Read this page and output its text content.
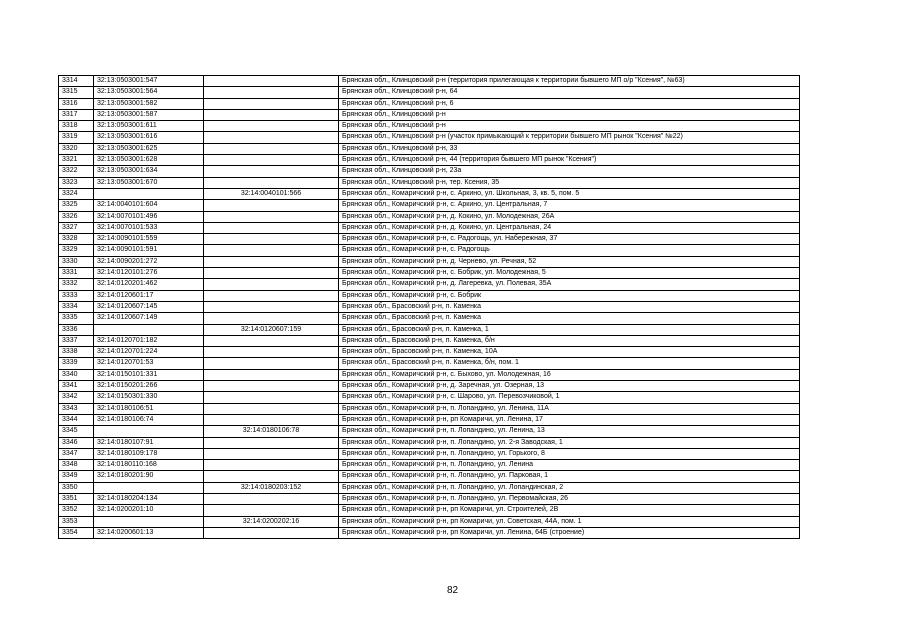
3314	32:13:0503001:547		Брянская обл., Клинцовский р-н (территория прилегающая к территории бывшего МП о/р "Ксения", №63)
3315	32:13:0503001:564		Брянская обл., Клинцовский р-н, 64
3316	32:13:0503001:582		Брянская обл., Клинцовский р-н, 6
3317	32:13:0503001:587		Брянская обл., Клинцовский р-н
3318	32:13:0503001:611		Брянская обл., Клинцовский р-н
3319	32:13:0503001:616		Брянская обл., Клинцовский р-н (участок примыкающий к территории бывшего МП рынок "Ксения" №22)
3320	32:13:0503001:625		Брянская обл., Клинцовский р-н, 33
3321	32:13:0503001:628		Брянская обл., Клинцовский р-н, 44 (территория бывшего МП рынок "Ксения")
3322	32:13:0503001:634		Брянская обл., Клинцовский р-н, 23а
3323	32:13:0503001:670		Брянская обл., Клинцовский р-н, тер. Ксения, 35
3324		32:14:0040101:566	Брянская обл., Комаричский р-н, с. Аркино, ул. Школьная, 3, кв. 5, пом. 5
3325	32:14:0040101:604		Брянская обл., Комаричский р-н, с. Аркино, ул. Центральная, 7
3326	32:14:0070101:496		Брянская обл., Комаричский р-н, д. Кокино, ул. Молодежная, 26А
3327	32:14:0070101:533		Брянская обл., Комаричский р-н, д. Кокино, ул. Центральная, 24
3328	32:14:0090101:559		Брянская обл., Комаричский р-н, с. Радогощь, ул. Набережная, 37
3329	32:14:0090101:591		Брянская обл., Комаричский р-н, с. Радогощь
3330	32:14:0090201:272		Брянская обл., Комаричский р-н, д. Чернево, ул. Речная, 52
3331	32:14:0120101:276		Брянская обл., Комаричский р-н, с. Бобрик, ул. Молодежная, 5
3332	32:14:0120201:462		Брянская обл., Комаричский р-н, д. Лагеревка, ул. Полевая, 35А
3333	32:14:0120601:17		Брянская обл., Комаричский р-н, с. Бобрик
3334	32:14:0120607:145		Брянская обл., Брасовский р-н, п. Каменка
3335	32:14:0120607:149		Брянская обл., Брасовский р-н, п. Каменка
3336		32:14:0120607:159	Брянская обл., Брасовский р-н, п. Каменка, 1
3337	32:14:0120701:182		Брянская обл., Брасовский р-н, п. Каменка, б/н
3338	32:14:0120701:224		Брянская обл., Брасовский р-н, п. Каменка, 10А
3339	32:14:0120701:53		Брянская обл., Брасовский р-н, п. Каменка, б/н, пом. 1
3340	32:14:0150101:331		Брянская обл., Комаричский р-н, с. Быхово, ул. Молодежная, 16
3341	32:14:0150201:266		Брянская обл., Комаричский р-н, д. Заречная, ул. Озерная, 13
3342	32:14:0150301:330		Брянская обл., Комаричский р-н, с. Шарово, ул. Перевозчиковой, 1
3343	32:14:0180106:51		Брянская обл., Комаричский р-н, п. Лопандино, ул. Ленина, 11А
3344	32:14:0180106:74		Брянская обл., Комаричский р-н, рп Комаричи, ул. Ленина, 17
3345		32:14:0180106:78	Брянская обл., Комаричский р-н, п. Лопандино, ул. Ленина, 13
3346	32:14:0180107:91		Брянская обл., Комаричский р-н, п. Лопандино, ул. 2-я Заводская, 1
3347	32:14:0180109:178		Брянская обл., Комаричский р-н, п. Лопандино, ул. Горького, 8
3348	32:14:0180110:168		Брянская обл., Комаричский р-н, п. Лопандино, ул. Ленина
3349	32:14:0180201:90		Брянская обл., Комаричский р-н, п. Лопандино, ул. Парковая, 1
3350		32:14:0180203:152	Брянская обл., Комаричский р-н, п. Лопандино, ул. Лопандинская, 2
3351	32:14:0180204:134		Брянская обл., Комаричский р-н, п. Лопандино, ул. Первомайская, 26
3352	32:14:0200201:10		Брянская обл., Комаричский р-н, рп Комаричи, ул. Строителей, 2В
3353		32:14:0200202:16	Брянская обл., Комаричский р-н, рп Комаричи, ул. Советская, 44А, пом. 1
3354	32:14:0200601:13		Брянская обл., Комаричский р-н, рп Комаричи, ул. Ленина, 64Б (строение)
82
